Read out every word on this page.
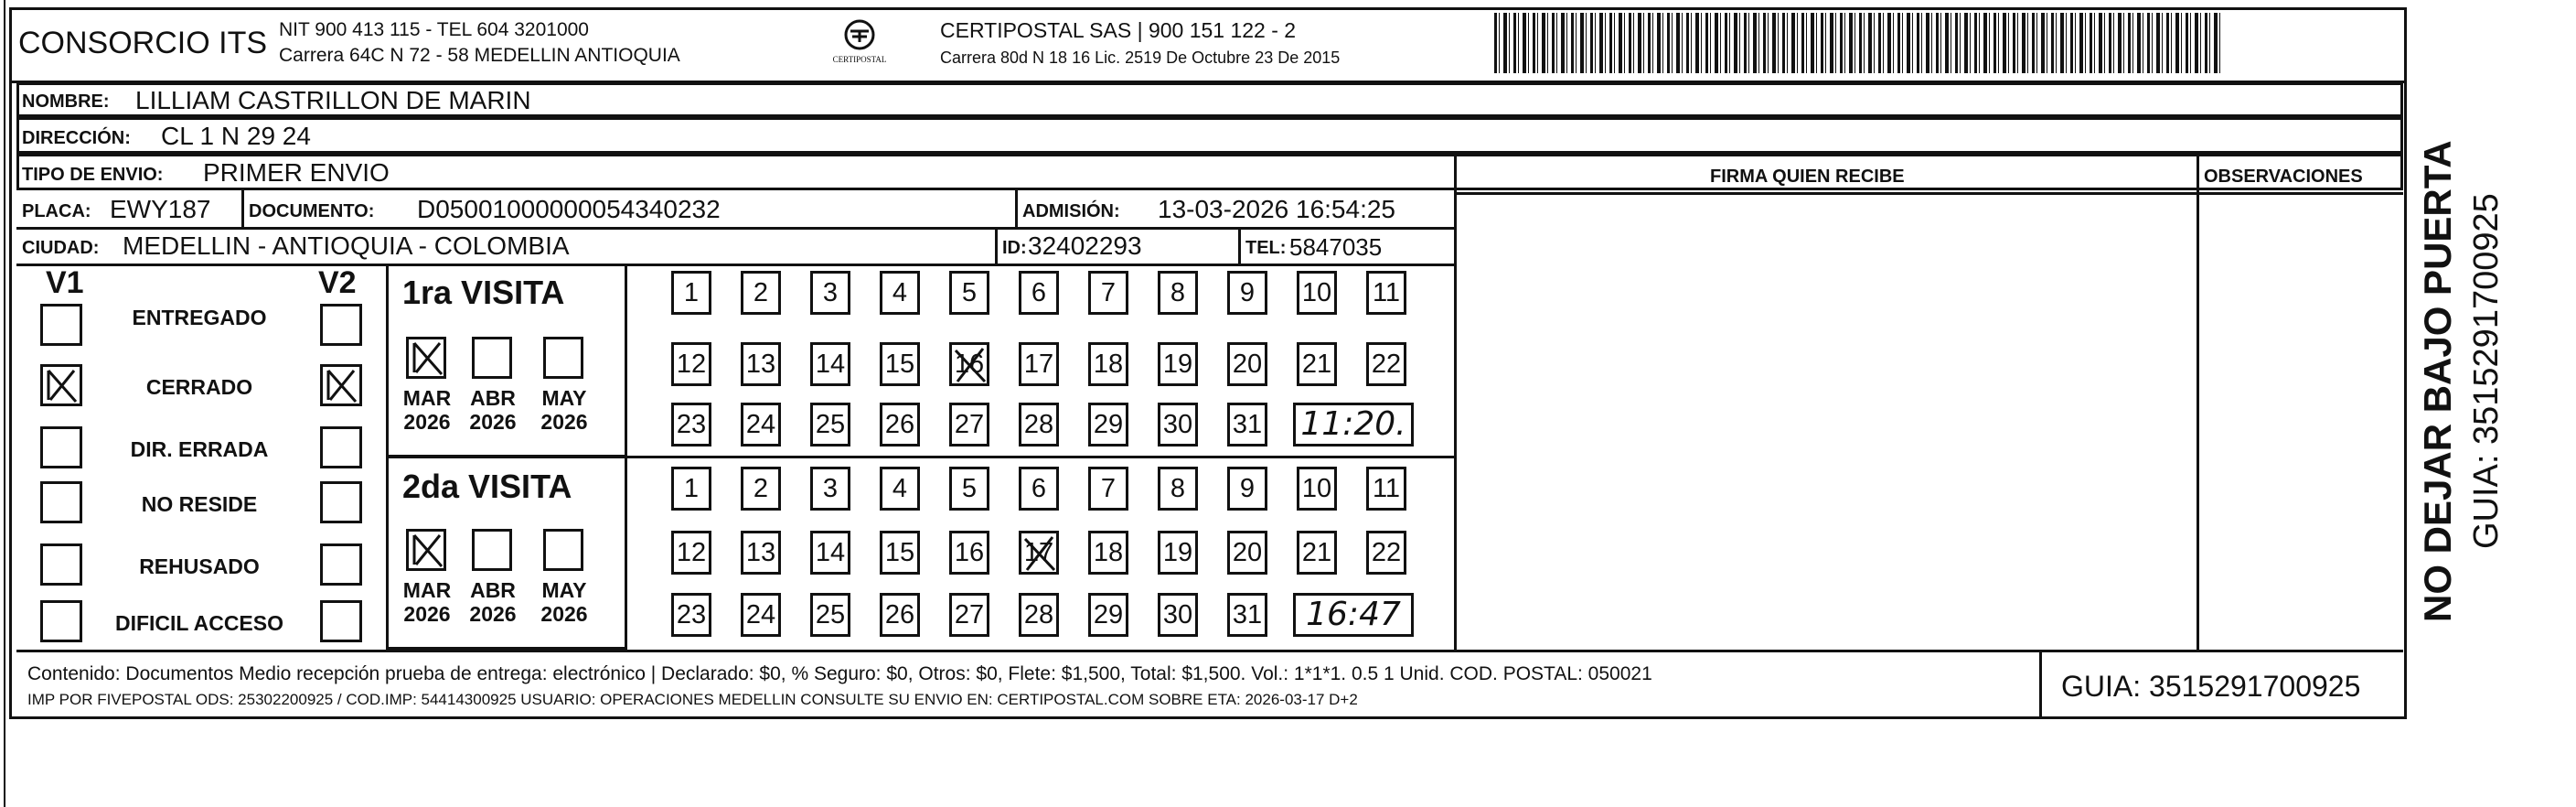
CONSORCIO ITS NIT 900 413 115 - TEL 604 3201000
Carrera 64C N 72 - 58 MEDELLIN ANTIOQUIA	CERTIPOSTAL
CERTIPOSTAL SAS | 900 151 122 - 2
Carrera 80d N 18 16 Lic. 2519 De Octubre 23 De 2015
NOMBRE: LILLIAM CASTRILLON DE MARIN
DIRECCIÓN: CL 1 N 29 24
TIPO DE ENVIO: PRIMER ENVIO	FIRMA QUIEN RECIBE	OBSERVACIONES
PLACA: EWY187 DOCUMENTO: D05001000000054340232	ADMISIÓN: 13-03-2026 16:54:25
CIUDAD: MEDELLIN - ANTIOQUIA - COLOMBIA	ID: 32402293	TEL: 5847035
V1	V2
ENTREGADO
CERRADO
DIR. ERRADA
NO RESIDE
REHUSADO
DIFICIL ACCESO
1ra VISITA
2da VISITA
MAR
2026
ABR
2026
MAY
2026
MAR
2026
ABR
2026
MAY
2026
1	2	3	4	5	6	7	8	9	10 11
12 13 14 15 16 17 18 19 20 21 22
23 24 25 26 27 28 29 30 31 11:20.
1	2	3	4	5	6	7	8	9	10 11
12 13 14 15 16 17 18 19 20 21 22
23 24 25 26 27 28 29 30 31	16:47
Contenido: Documentos Medio recepción prueba de entrega: electrónico | Declarado: $0, % Seguro: $0, Otros: $0, Flete: $1,500, Total: $1,500. Vol.: 1*1*1. 0.5 1 Unid. COD. POSTAL: 050021
IMP POR FIVEPOSTAL ODS: 25302200925 / COD.IMP: 54414300925 USUARIO: OPERACIONES MEDELLIN CONSULTE SU ENVIO EN: CERTIPOSTAL.COM SOBRE ETA: 2026-03-17 D+2	GUIA: 3515291700925
NO DEJAR BAJO PUERTA GUIA: 3515291700925
